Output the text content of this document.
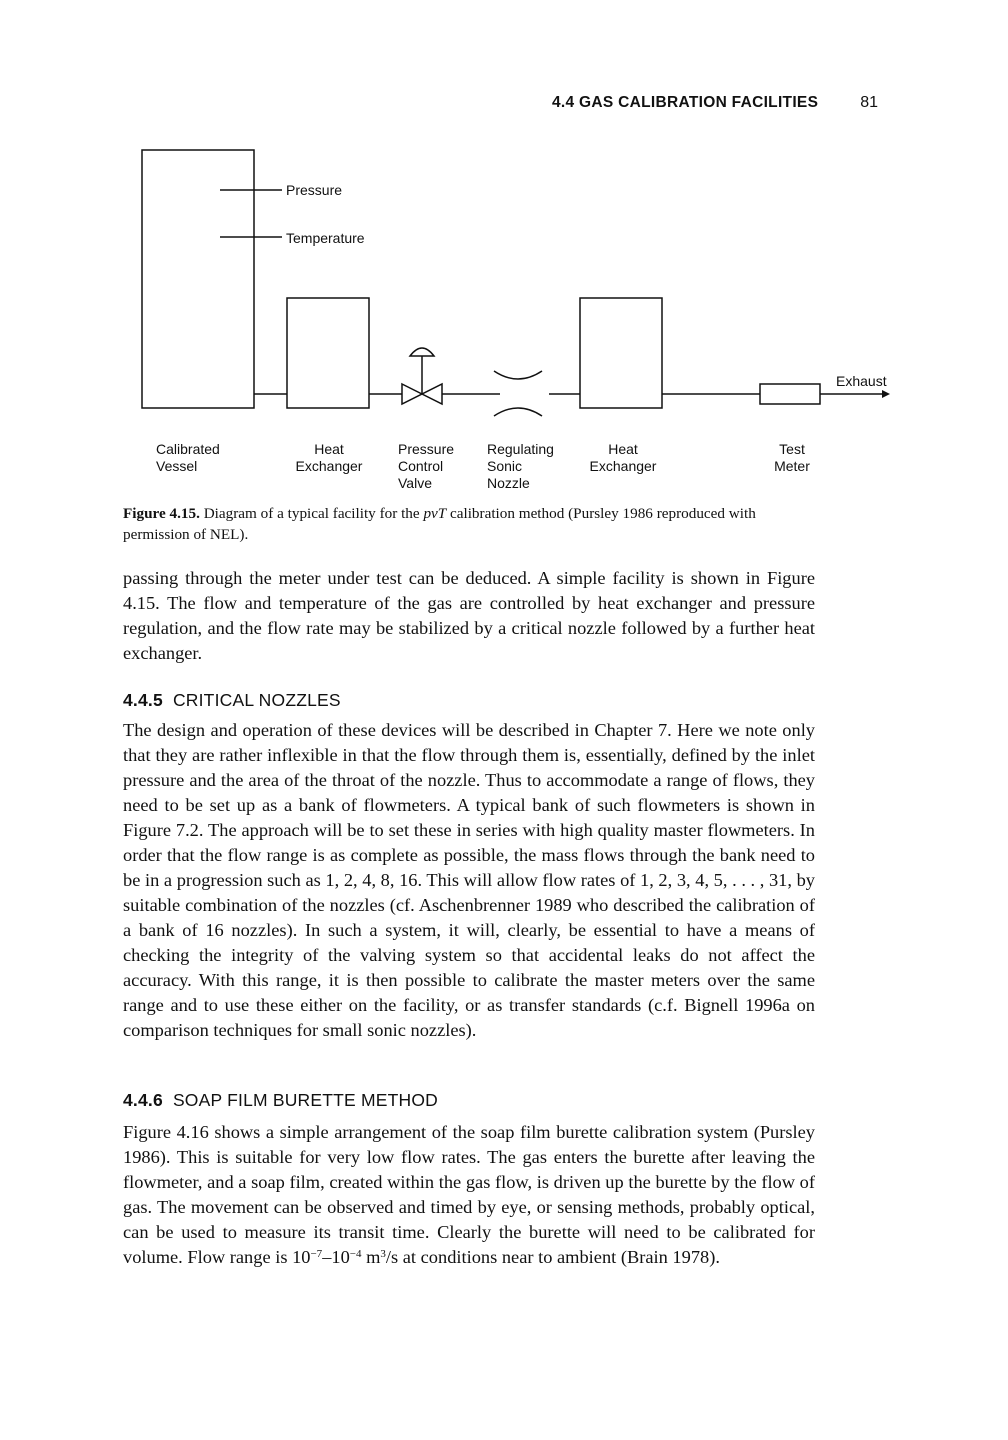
4.4 GAS CALIBRATION FACILITIES	81
Pressure
Temperature
Exhaust
Calibrated
Vessel
Heat
Exchanger
Pressure
Control
Valve
Regulating
Sonic
Nozzle
Heat
Exchanger
Test
Meter
Figure 4.15. Diagram of a typical facility for the pvT calibration method (Pursley 1986 reproduced with permission of NEL).

passing through the meter under test can be deduced. A simple facility is shown in Figure 4.15. The flow and temperature of the gas are controlled by heat exchanger and pressure regulation, and the flow rate may be stabilized by a critical nozzle followed by a further heat exchanger.

4.4.5 CRITICAL NOZZLES

The design and operation of these devices will be described in Chapter 7. Here we note only that they are rather inflexible in that the flow through them is, essentially, defined by the inlet pressure and the area of the throat of the nozzle. Thus to accommodate a range of flows, they need to be set up as a bank of flowmeters. A typical bank of such flowmeters is shown in Figure 7.2. The approach will be to set these in series with high quality master flowmeters. In order that the flow range is as complete as possible, the mass flows through the bank need to be in a progression such as 1, 2, 4, 8, 16. This will allow flow rates of 1, 2, 3, 4, 5, . . . , 31, by suitable combination of the nozzles (cf. Aschenbrenner 1989 who described the calibration of a bank of 16 nozzles). In such a system, it will, clearly, be essential to have a means of checking the integrity of the valving system so that accidental leaks do not affect the accuracy. With this range, it is then possible to calibrate the master meters over the same range and to use these either on the facility, or as transfer standards (c.f. Bignell 1996a on comparison techniques for small sonic nozzles).

4.4.6 SOAP FILM BURETTE METHOD

Figure 4.16 shows a simple arrangement of the soap film burette calibration system (Pursley 1986). This is suitable for very low flow rates. The gas enters the burette after leaving the flowmeter, and a soap film, created within the gas flow, is driven up the burette by the flow of gas. The movement can be observed and timed by eye, or sensing methods, probably optical, can be used to measure its transit time. Clearly the burette will need to be calibrated for volume. Flow range is $10^{-7}-10^{-4}$ $m^3/s$ at conditions near to ambient (Brain 1978).
